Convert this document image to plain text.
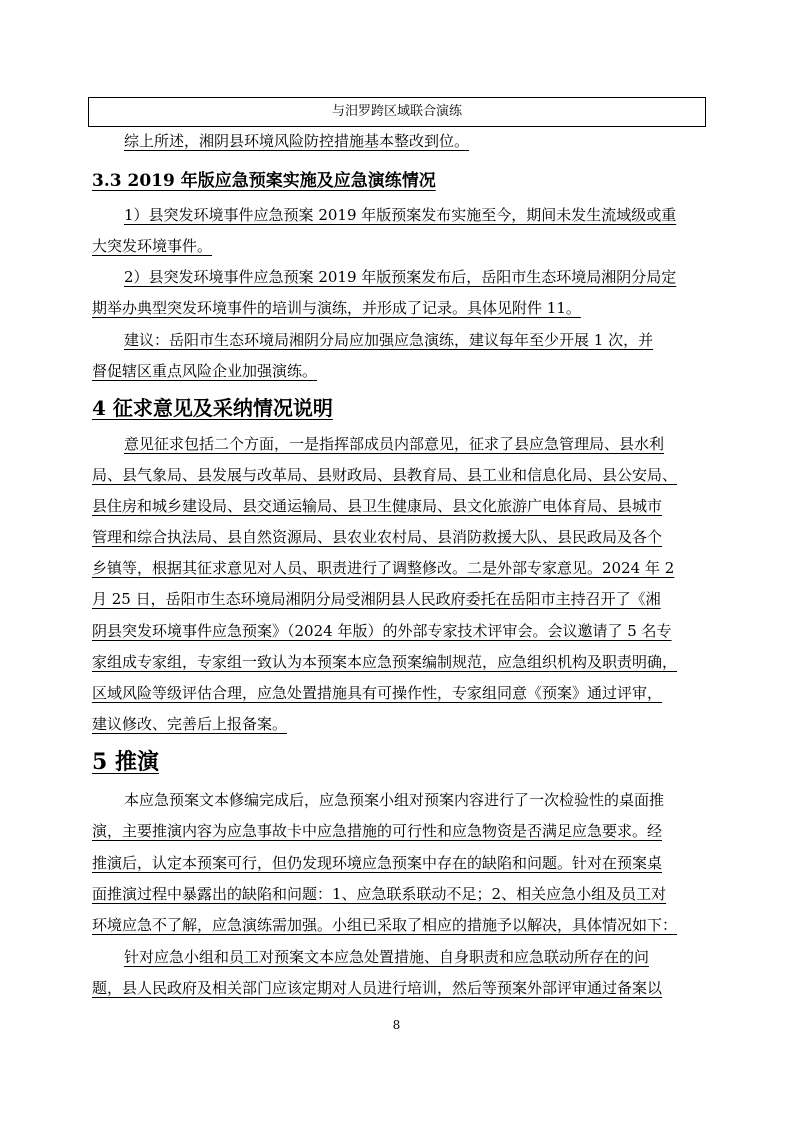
与汨罗跨区域联合演练
综上所述，湘阴县环境风险防控措施基本整改到位。
3.3 2019 年版应急预案实施及应急演练情况
1）县突发环境事件应急预案 2019 年版预案发布实施至今，期间未发生流域级或重
大突发环境事件。
2）县突发环境事件应急预案 2019 年版预案发布后，岳阳市生态环境局湘阴分局定
期举办典型突发环境事件的培训与演练，并形成了记录。具体见附件 11。
建议：岳阳市生态环境局湘阴分局应加强应急演练，建议每年至少开展 1 次，并
督促辖区重点风险企业加强演练。
4 征求意见及采纳情况说明
意见征求包括二个方面，一是指挥部成员内部意见，征求了县应急管理局、县水利
局、县气象局、县发展与改革局、县财政局、县教育局、县工业和信息化局、县公安局、
县住房和城乡建设局、县交通运输局、县卫生健康局、县文化旅游广电体育局、县城市
管理和综合执法局、县自然资源局、县农业农村局、县消防救援大队、县民政局及各个
乡镇等，根据其征求意见对人员、职责进行了调整修改。二是外部专家意见。2024 年 2
月 25 日，岳阳市生态环境局湘阴分局受湘阴县人民政府委托在岳阳市主持召开了《湘
阴县突发环境事件应急预案》（2024 年版）的外部专家技术评审会。会议邀请了 5 名专
家组成专家组，专家组一致认为本预案本应急预案编制规范，应急组织机构及职责明确，
区域风险等级评估合理，应急处置措施具有可操作性，专家组同意《预案》通过评审，
建议修改、完善后上报备案。
5 推演
本应急预案文本修编完成后，应急预案小组对预案内容进行了一次检验性的桌面推
演，主要推演内容为应急事故卡中应急措施的可行性和应急物资是否满足应急要求。经
推演后，认定本预案可行，但仍发现环境应急预案中存在的缺陷和问题。针对在预案桌
面推演过程中暴露出的缺陷和问题：1、应急联系联动不足；2、相关应急小组及员工对
环境应急不了解，应急演练需加强。小组已采取了相应的措施予以解决，具体情况如下：
针对应急小组和员工对预案文本应急处置措施、自身职责和应急联动所存在的问
题，县人民政府及相关部门应该定期对人员进行培训，然后等预案外部评审通过备案以
8
